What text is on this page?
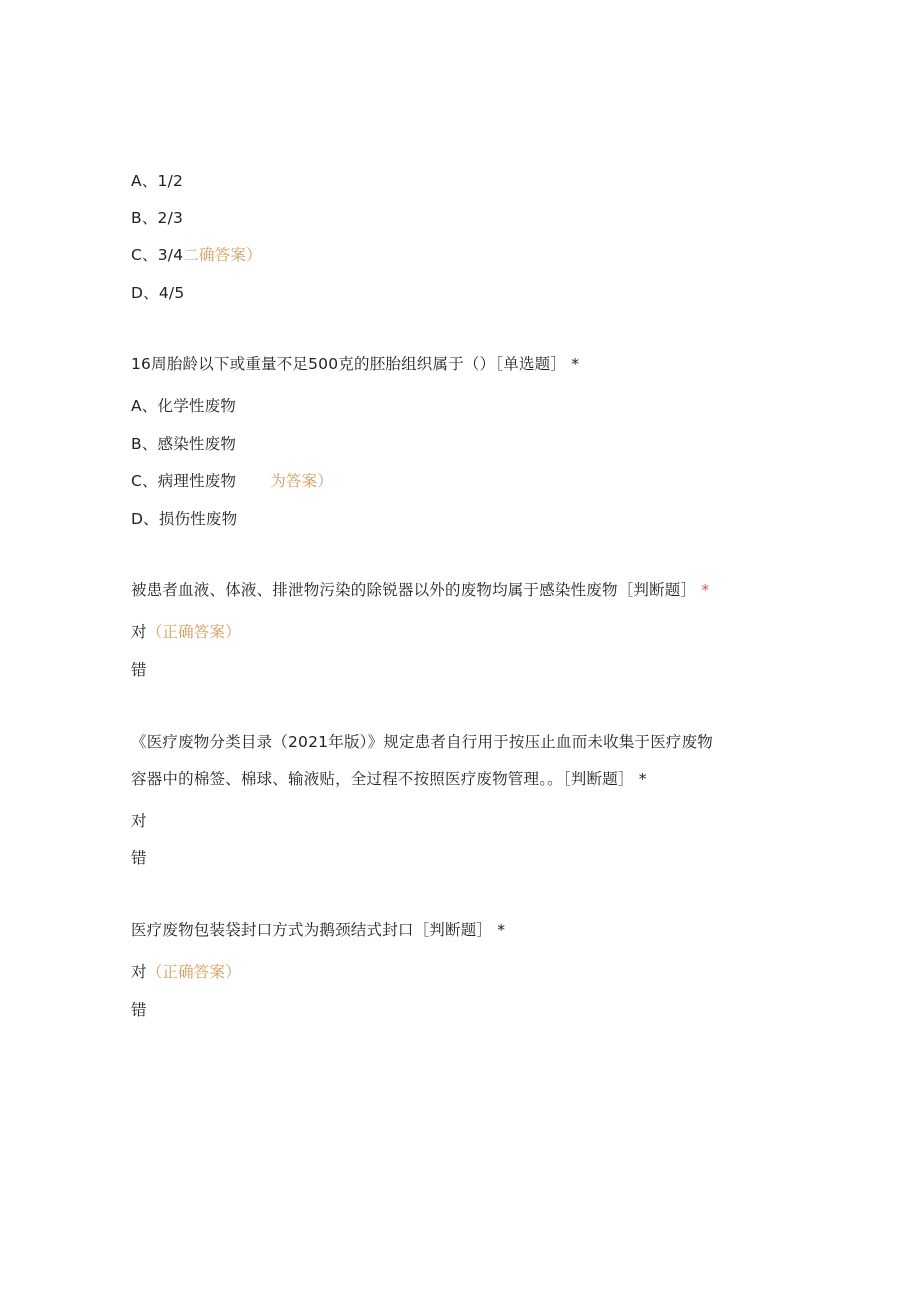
A、1/2
B、2/3
C、3/4二确答案）
D、4/5
16周胎龄以下或重量不足500克的胚胎组织属于（）［单选题］ *
A、化学性废物
B、感染性废物
C、病理性废物 为答案）
D、损伤性废物
被患者血液、体液、排泄物污染的除锐器以外的废物均属于感染性废物［判断题］ *
对（正确答案）
错
《医疗废物分类目录（2021年版）》规定患者自行用于按压止血而未收集于医疗废物
容器中的棉签、棉球、输液贴，全过程不按照医疗废物管理。。［判断题］ *
对
错
医疗废物包装袋封口方式为鹅颈结式封口［判断题］ *
对（正确答案）
错
